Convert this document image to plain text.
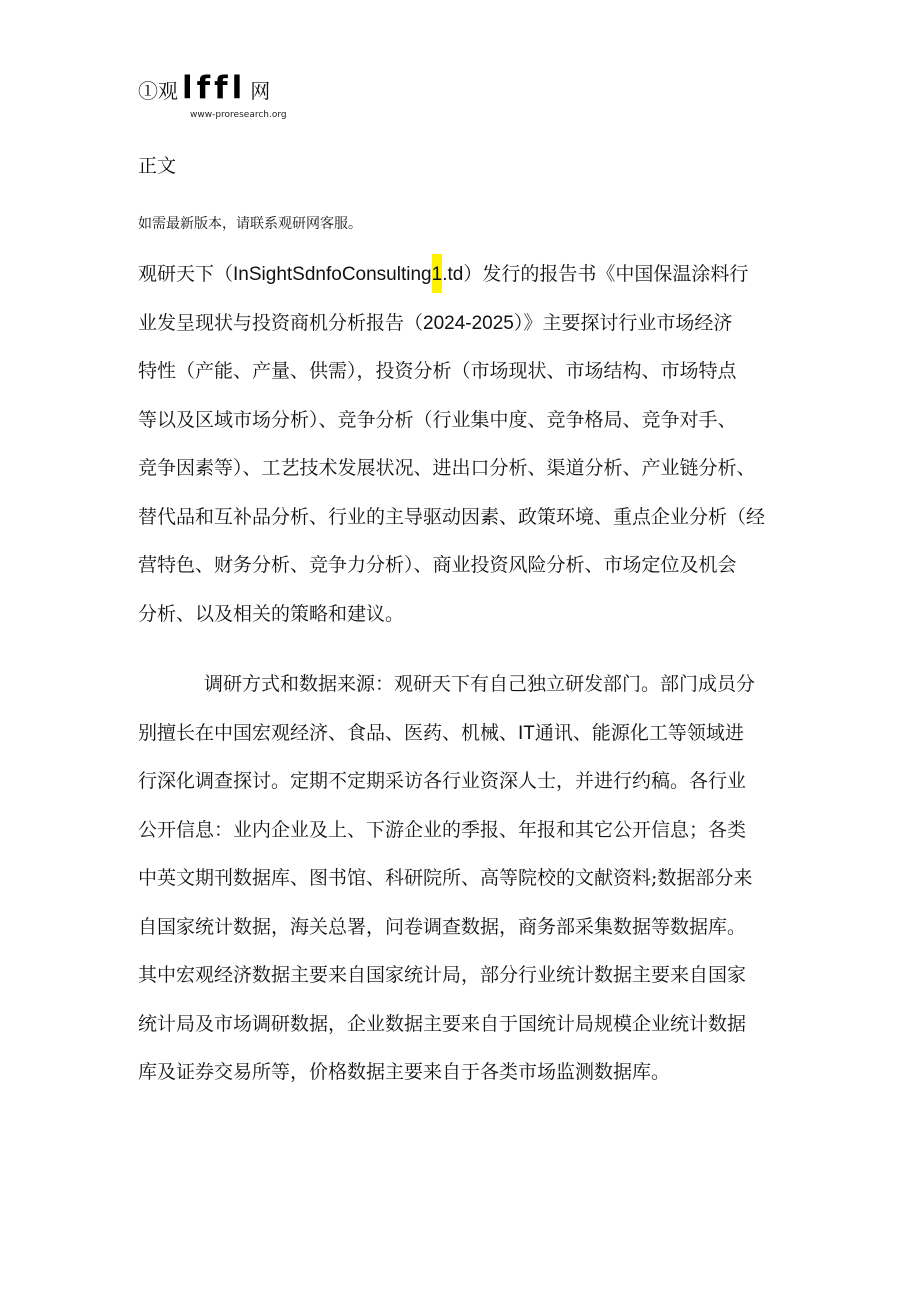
①观 lffl 网
www-proresearch.org
正文
如需最新版本，请联系观研网客服。
观研天下（InSightSdnfoConsulting1.td）发行的报告书《中国保温涂料行
业发呈现状与投资商机分析报告（2024-2025）》主要探讨行业市场经济
特性（产能、产量、供需），投资分析（市场现状、市场结构、市场特点
等以及区域市场分析）、竞争分析（行业集中度、竞争格局、竞争对手、
竞争因素等）、工艺技术发展状况、进出口分析、渠道分析、产业链分析、
替代品和互补品分析、行业的主导驱动因素、政策环境、重点企业分析（经
营特色、财务分析、竞争力分析）、商业投资风险分析、市场定位及机会
分析、以及相关的策略和建议。
调研方式和数据来源：观研天下有自己独立研发部门。部门成员分
别擅长在中国宏观经济、食品、医药、机械、IT通讯、能源化工等领域进
行深化调查探讨。定期不定期采访各行业资深人士，并进行约稿。各行业
公开信息：业内企业及上、下游企业的季报、年报和其它公开信息；各类
中英文期刊数据库、图书馆、科研院所、高等院校的文献资料;数据部分来
自国家统计数据，海关总署，问卷调查数据，商务部采集数据等数据库。
其中宏观经济数据主要来自国家统计局，部分行业统计数据主要来自国家
统计局及市场调研数据，企业数据主要来自于国统计局规模企业统计数据
库及证券交易所等，价格数据主要来自于各类市场监测数据库。
